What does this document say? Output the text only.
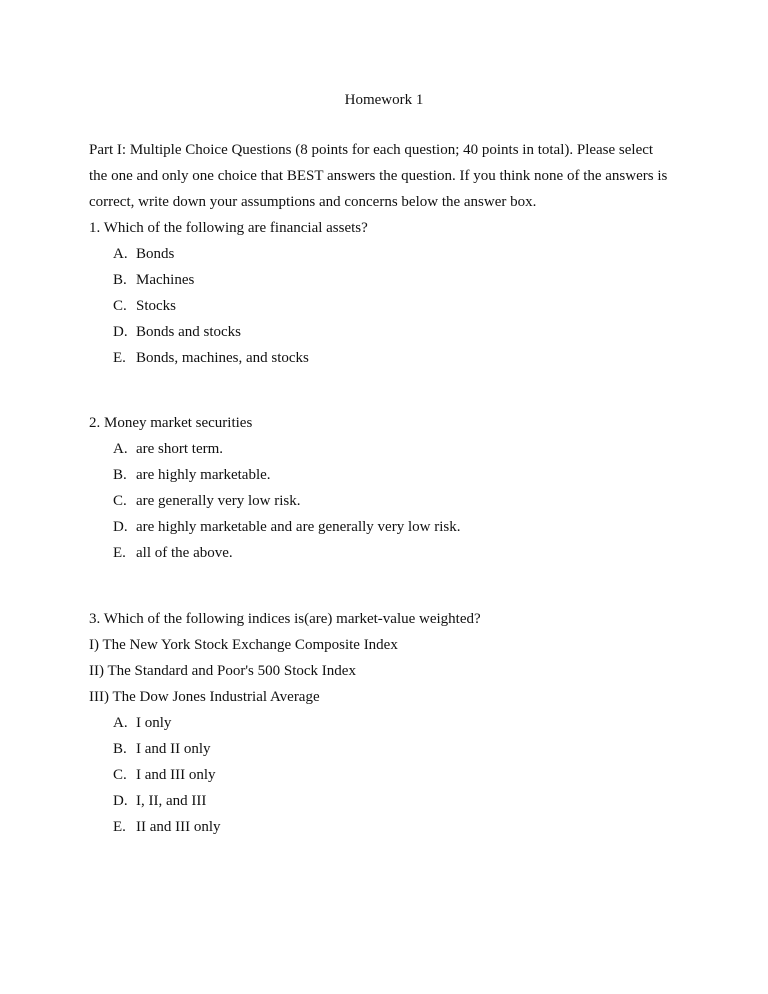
Homework 1
Part I: Multiple Choice Questions (8 points for each question; 40 points in total). Please select
the one and only one choice that BEST answers the question. If you think none of the answers is
correct, write down your assumptions and concerns below the answer box.
1. Which of the following are financial assets?
A. Bonds
B. Machines
C. Stocks
D. Bonds and stocks
E. Bonds, machines, and stocks
2. Money market securities
A. are short term.
B. are highly marketable.
C. are generally very low risk.
D. are highly marketable and are generally very low risk.
E. all of the above.
3. Which of the following indices is(are) market-value weighted?
I) The New York Stock Exchange Composite Index
II) The Standard and Poor's 500 Stock Index
III) The Dow Jones Industrial Average
A. I only
B. I and II only
C. I and III only
D. I, II, and III
E. II and III only
